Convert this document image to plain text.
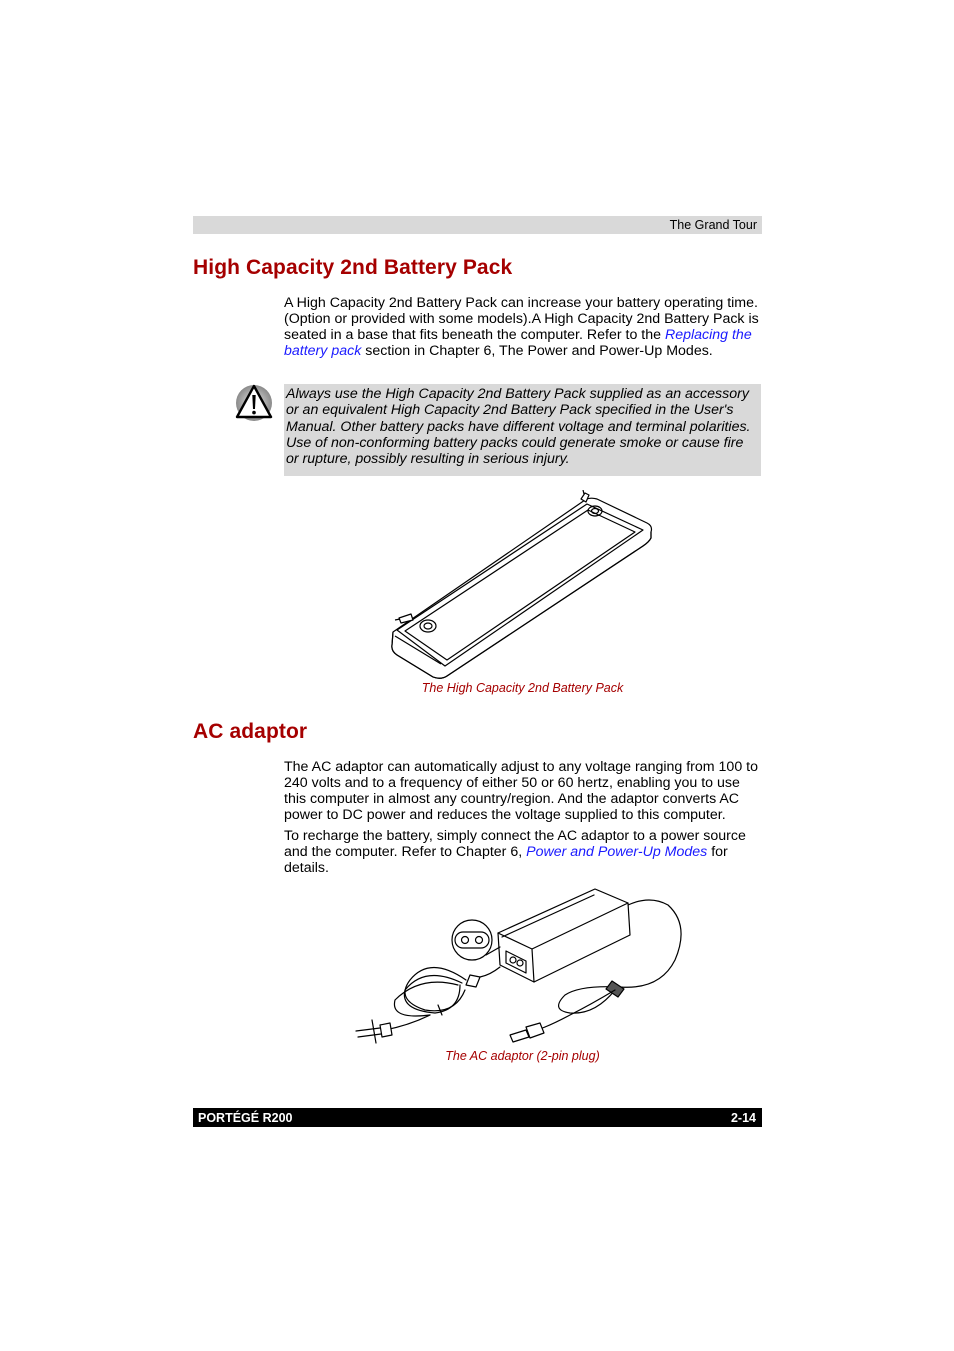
The Grand Tour
High Capacity 2nd Battery Pack

A High Capacity 2nd Battery Pack can increase your battery operating time.(Option or provided with some models).A High Capacity 2nd Battery Pack is seated in a base that fits beneath the computer. Refer to the Replacing the battery pack section in Chapter 6, The Power and Power-Up Modes.

Always use the High Capacity 2nd Battery Pack supplied as an accessory or an equivalent High Capacity 2nd Battery Pack specified in the User's Manual. Other battery packs have different voltage and terminal polarities. Use of non-conforming battery packs could generate smoke or cause fire or rupture, possibly resulting in serious injury.

The High Capacity 2nd Battery Pack
AC adaptor

The AC adaptor can automatically adjust to any voltage ranging from 100 to 240 volts and to a frequency of either 50 or 60 hertz, enabling you to use this computer in almost any country/region. And the adaptor converts AC power to DC power and reduces the voltage supplied to this computer.

To recharge the battery, simply connect the AC adaptor to a power source and the computer. Refer to Chapter 6, Power and Power-Up Modes for details.

The AC adaptor (2-pin plug)
PORTÉGÉ R200	2-14
